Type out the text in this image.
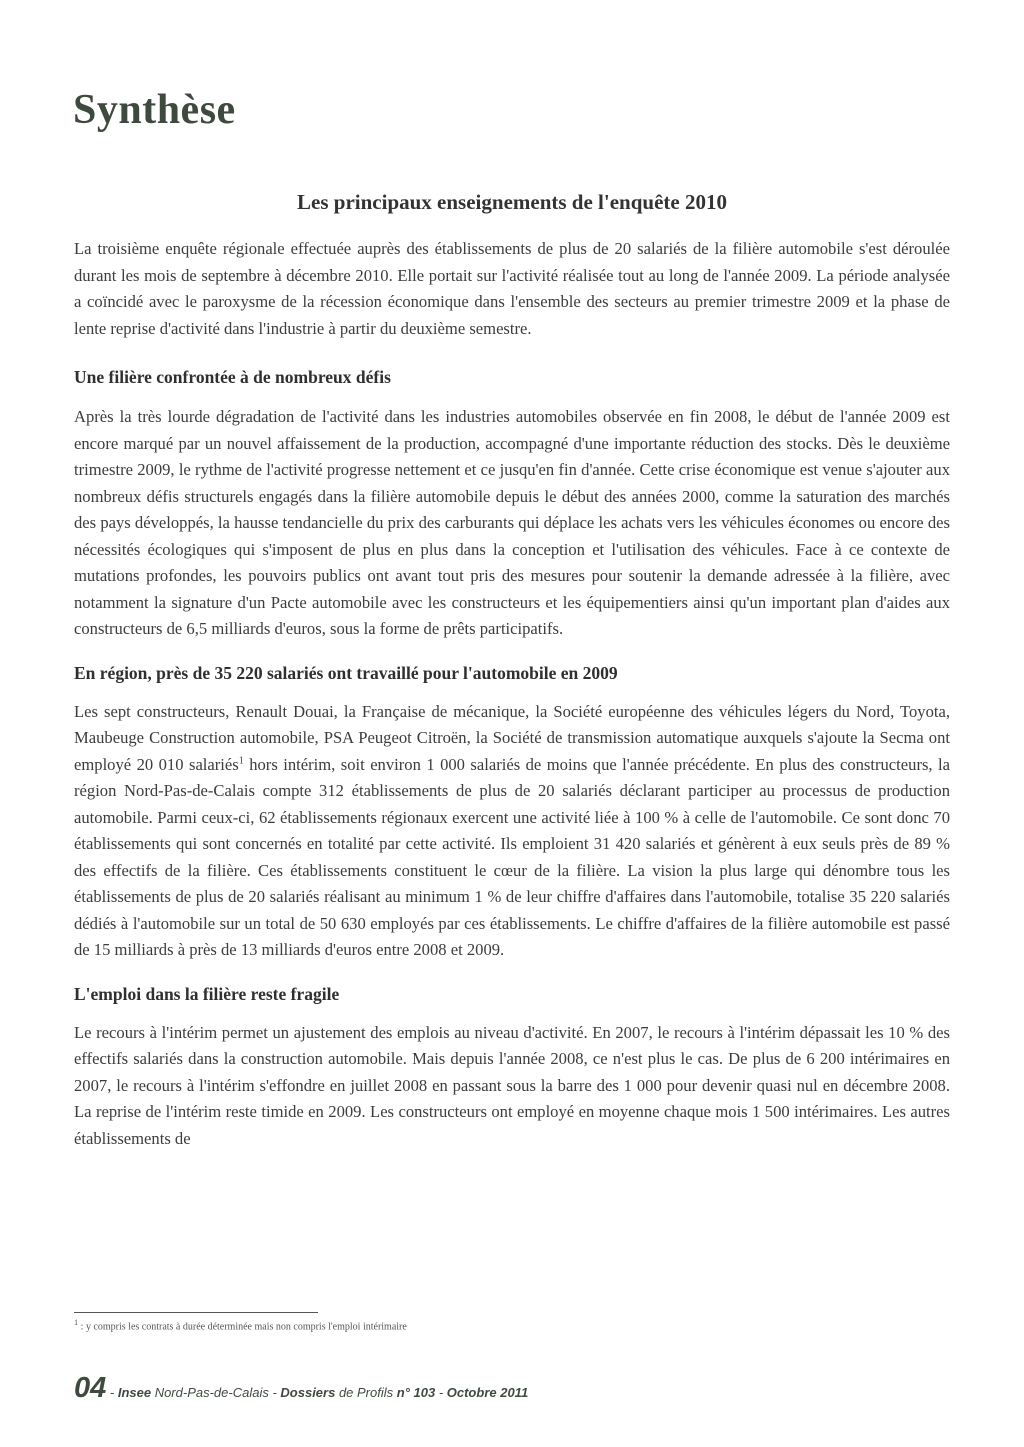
Synthèse
Les principaux enseignements de l'enquête 2010

La troisième enquête régionale effectuée auprès des établissements de plus de 20 salariés de la filière automobile s'est déroulée durant les mois de septembre à décembre 2010. Elle portait sur l'activité réalisée tout au long de l'année 2009. La période analysée a coïncidé avec le paroxysme de la récession économique dans l'ensemble des secteurs au premier trimestre 2009 et la phase de lente reprise d'activité dans l'industrie à partir du deuxième semestre.

Une filière confrontée à de nombreux défis

Après la très lourde dégradation de l'activité dans les industries automobiles observée en fin 2008, le début de l'année 2009 est encore marqué par un nouvel affaissement de la production, accompagné d'une importante réduction des stocks. Dès le deuxième trimestre 2009, le rythme de l'activité progresse nettement et ce jusqu'en fin d'année. Cette crise économique est venue s'ajouter aux nombreux défis structurels engagés dans la filière automobile depuis le début des années 2000, comme la saturation des marchés des pays développés, la hausse tendancielle du prix des carburants qui déplace les achats vers les véhicules économes ou encore des nécessités écologiques qui s'imposent de plus en plus dans la conception et l'utilisation des véhicules. Face à ce contexte de mutations profondes, les pouvoirs publics ont avant tout pris des mesures pour soutenir la demande adressée à la filière, avec notamment la signature d'un Pacte automobile avec les constructeurs et les équipementiers ainsi qu'un important plan d'aides aux constructeurs de 6,5 milliards d'euros, sous la forme de prêts participatifs.

En région, près de 35 220 salariés ont travaillé pour l'automobile en 2009

Les sept constructeurs, Renault Douai, la Française de mécanique, la Société européenne des véhicules légers du Nord, Toyota, Maubeuge Construction automobile, PSA Peugeot Citroën, la Société de transmission automatique auxquels s'ajoute la Secma ont employé 20 010 salariés$^1$ hors intérim, soit environ 1 000 salariés de moins que l'année précédente. En plus des constructeurs, la région Nord-Pas-de-Calais compte 312 établissements de plus de 20 salariés déclarant participer au processus de production automobile. Parmi ceux-ci, 62 établissements régionaux exercent une activité liée à 100 % à celle de l'automobile. Ce sont donc 70 établissements qui sont concernés en totalité par cette activité. Ils emploient 31 420 salariés et génèrent à eux seuls près de 89 % des effectifs de la filière. Ces établissements constituent le cœur de la filière. La vision la plus large qui dénombre tous les établissements de plus de 20 salariés réalisant au minimum 1 % de leur chiffre d'affaires dans l'automobile, totalise 35 220 salariés dédiés à l'automobile sur un total de 50 630 employés par ces établissements. Le chiffre d'affaires de la filière automobile est passé de 15 milliards à près de 13 milliards d'euros entre 2008 et 2009.

L'emploi dans la filière reste fragile

Le recours à l'intérim permet un ajustement des emplois au niveau d'activité. En 2007, le recours à l'intérim dépassait les 10 % des effectifs salariés dans la construction automobile. Mais depuis l'année 2008, ce n'est plus le cas. De plus de 6 200 intérimaires en 2007, le recours à l'intérim s'effondre en juillet 2008 en passant sous la barre des 1 000 pour devenir quasi nul en décembre 2008. La reprise de l'intérim reste timide en 2009. Les constructeurs ont employé en moyenne chaque mois 1 500 intérimaires. Les autres établissements de

$^1$ : y compris les contrats à durée déterminée mais non compris l'emploi intérimaire

04 - Insee Nord-Pas-de-Calais - Dossiers de Profils n° 103 - Octobre 2011
